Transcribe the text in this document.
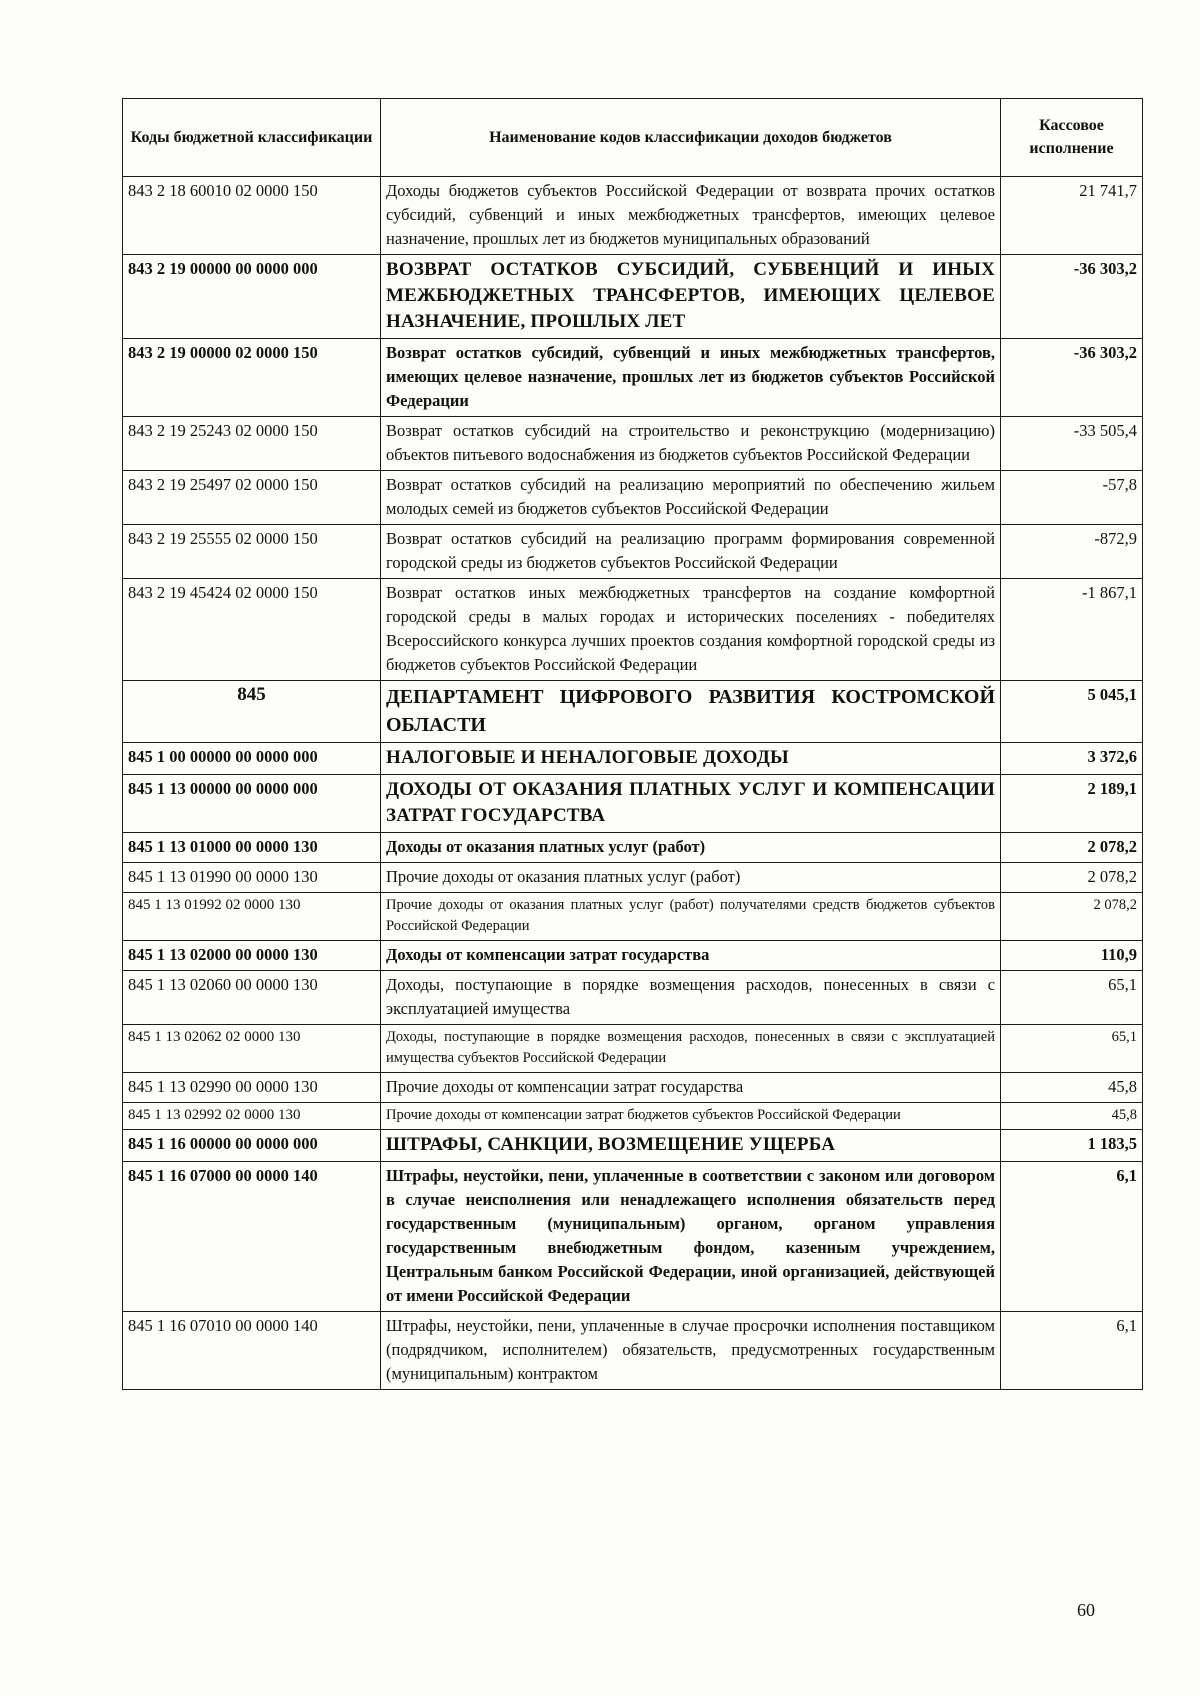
Коды бюджетной классификации	Наименование кодов классификации доходов бюджетов	Кассовое исполнение
843 2 18 60010 02 0000 150	Доходы бюджетов субъектов Российской Федерации от возврата прочих остатков субсидий, субвенций и иных межбюджетных трансфертов, имеющих целевое назначение, прошлых лет из бюджетов муниципальных образований	21 741,7
843 2 19 00000 00 0000 000	ВОЗВРАТ ОСТАТКОВ СУБСИДИЙ, СУБВЕНЦИЙ И ИНЫХ МЕЖБЮДЖЕТНЫХ ТРАНСФЕРТОВ, ИМЕЮЩИХ ЦЕЛЕВОЕ НАЗНАЧЕНИЕ, ПРОШЛЫХ ЛЕТ	-36 303,2
843 2 19 00000 02 0000 150	Возврат остатков субсидий, субвенций и иных межбюджетных трансфертов, имеющих целевое назначение, прошлых лет из бюджетов субъектов Российской Федерации	-36 303,2
843 2 19 25243 02 0000 150	Возврат остатков субсидий на строительство и реконструкцию (модернизацию) объектов питьевого водоснабжения из бюджетов субъектов Российской Федерации	-33 505,4
843 2 19 25497 02 0000 150	Возврат остатков субсидий на реализацию мероприятий по обеспечению жильем молодых семей из бюджетов субъектов Российской Федерации	-57,8
843 2 19 25555 02 0000 150	Возврат остатков субсидий на реализацию программ формирования современной городской среды из бюджетов субъектов Российской Федерации	-872,9
843 2 19 45424 02 0000 150	Возврат остатков иных межбюджетных трансфертов на создание комфортной городской среды в малых городах и исторических поселениях - победителях Всероссийского конкурса лучших проектов создания комфортной городской среды из бюджетов субъектов Российской Федерации	-1 867,1
845	ДЕПАРТАМЕНТ ЦИФРОВОГО РАЗВИТИЯ КОСТРОМСКОЙ ОБЛАСТИ	5 045,1
845 1 00 00000 00 0000 000	НАЛОГОВЫЕ И НЕНАЛОГОВЫЕ ДОХОДЫ	3 372,6
845 1 13 00000 00 0000 000	ДОХОДЫ ОТ ОКАЗАНИЯ ПЛАТНЫХ УСЛУГ И КОМПЕНСАЦИИ ЗАТРАТ ГОСУДАРСТВА	2 189,1
845 1 13 01000 00 0000 130	Доходы от оказания платных услуг (работ)	2 078,2
845 1 13 01990 00 0000 130	Прочие доходы от оказания платных услуг (работ)	2 078,2
845 1 13 01992 02 0000 130	Прочие доходы от оказания платных услуг (работ) получателями средств бюджетов субъектов Российской Федерации	2 078,2
845 1 13 02000 00 0000 130	Доходы от компенсации затрат государства	110,9
845 1 13 02060 00 0000 130	Доходы, поступающие в порядке возмещения расходов, понесенных в связи с эксплуатацией имущества	65,1
845 1 13 02062 02 0000 130	Доходы, поступающие в порядке возмещения расходов, понесенных в связи с эксплуатацией имущества субъектов Российской Федерации	65,1
845 1 13 02990 00 0000 130	Прочие доходы от компенсации затрат государства	45,8
845 1 13 02992 02 0000 130	Прочие доходы от компенсации затрат бюджетов субъектов Российской Федерации	45,8
845 1 16 00000 00 0000 000	ШТРАФЫ, САНКЦИИ, ВОЗМЕЩЕНИЕ УЩЕРБА	1 183,5
845 1 16 07000 00 0000 140	Штрафы, неустойки, пени, уплаченные в соответствии с законом или договором в случае неисполнения или ненадлежащего исполнения обязательств перед государственным (муниципальным) органом, органом управления государственным внебюджетным фондом, казенным учреждением, Центральным банком Российской Федерации, иной организацией, действующей от имени Российской Федерации	6,1
845 1 16 07010 00 0000 140	Штрафы, неустойки, пени, уплаченные в случае просрочки исполнения поставщиком (подрядчиком, исполнителем) обязательств, предусмотренных государственным (муниципальным) контрактом	6,1
60
